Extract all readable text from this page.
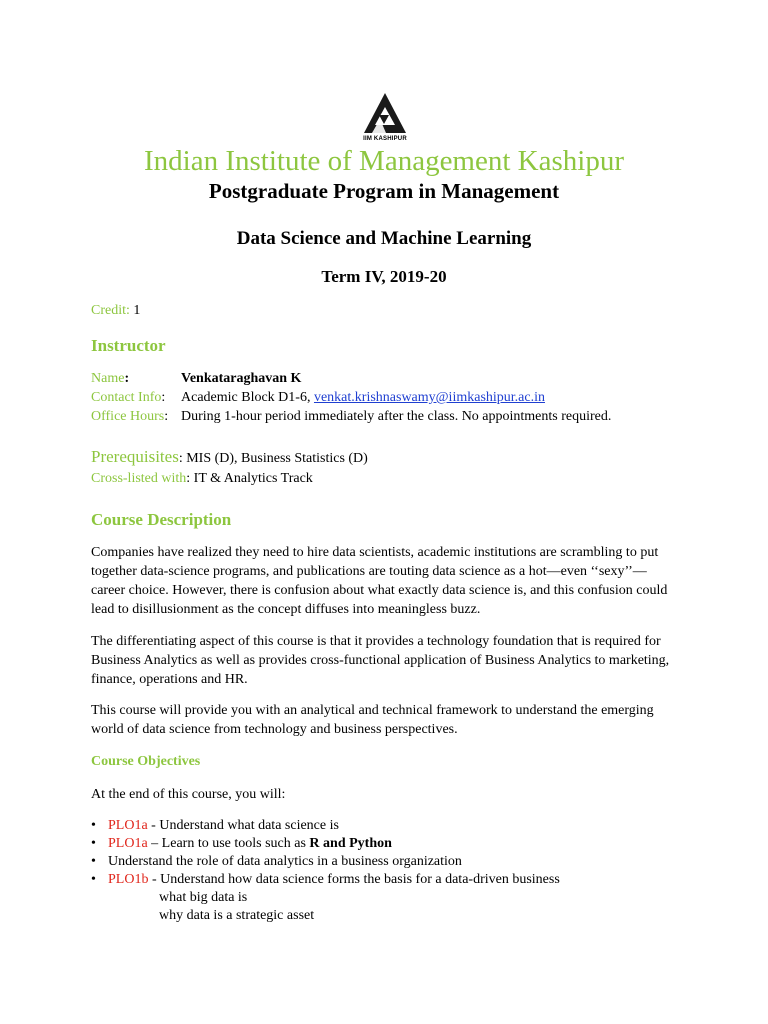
IIM KASHIPUR
Indian Institute of Management Kashipur
Postgraduate Program in Management
Data Science and Machine Learning
Term IV, 2019-20
Credit: 1
Instructor
Name:	Venkataraghavan K
Contact Info: Academic Block D1-6, venkat.krishnaswamy@iimkashipur.ac.in
Office Hours: During 1-hour period immediately after the class. No appointments required.
Prerequisites: MIS (D), Business Statistics (D)
Cross-listed with: IT & Analytics Track
Course Description

Companies have realized they need to hire data scientists, academic institutions are scrambling to put together data-science programs, and publications are touting data science as a hot—even ‘‘sexy’’—career choice. However, there is confusion about what exactly data science is, and this confusion could lead to disillusionment as the concept diffuses into meaningless buzz.

The differentiating aspect of this course is that it provides a technology foundation that is required for Business Analytics as well as provides cross-functional application of Business Analytics to marketing, finance, operations and HR.

This course will provide you with an analytical and technical framework to understand the emerging world of data science from technology and business perspectives.

Course Objectives
At the end of this course, you will:
• PLO1a - Understand what data science is
• PLO1a – Learn to use tools such as R and Python
• Understand the role of data analytics in a business organization
• PLO1b - Understand how data science forms the basis for a data-driven business
what big data is
why data is a strategic asset
